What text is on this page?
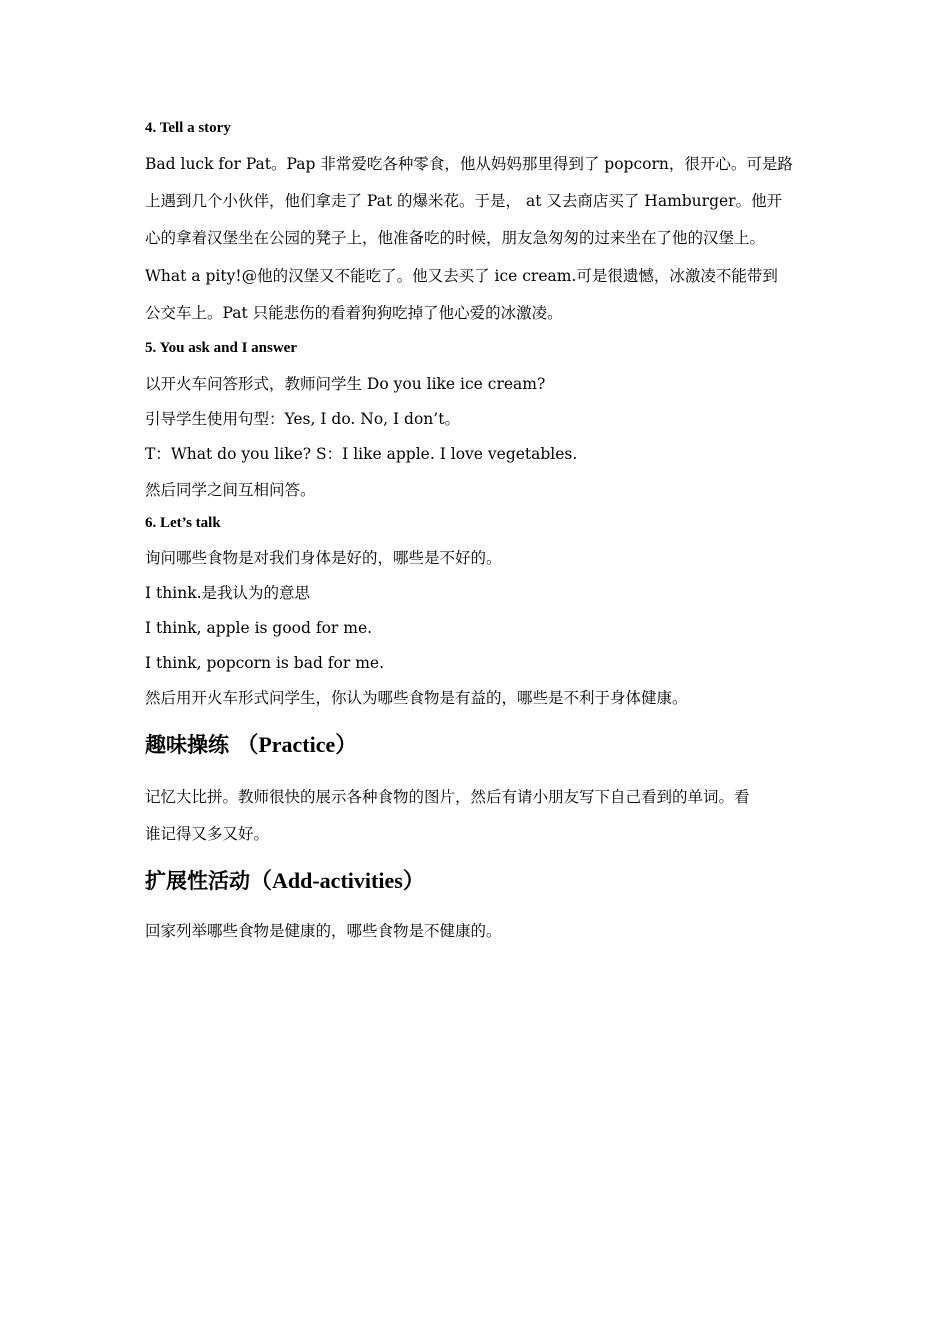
4. Tell a story
Bad luck for Pat。Pap 非常爱吃各种零食，他从妈妈那里得到了 popcorn，很开心。可是路
上遇到几个小伙伴，他们拿走了 Pat 的爆米花。于是， at 又去商店买了 Hamburger。他开
心的拿着汉堡坐在公园的凳子上，他准备吃的时候，朋友急匆匆的过来坐在了他的汉堡上。
What a pity!@他的汉堡又不能吃了。他又去买了 ice cream.可是很遗憾，冰激凌不能带到
公交车上。Pat 只能悲伤的看着狗狗吃掉了他心爱的冰激凌。
5. You ask and I answer
以开火车问答形式，教师问学生 Do you like ice cream?
引导学生使用句型：Yes, I do. No, I don’t。
T：What do you like? S：I like apple. I love vegetables.
然后同学之间互相问答。
6. Let’s talk
询问哪些食物是对我们身体是好的，哪些是不好的。
I think.是我认为的意思
I think, apple is good for me.
I think, popcorn is bad for me.
然后用开火车形式问学生，你认为哪些食物是有益的，哪些是不利于身体健康。
趣味操练 （Practice）
记忆大比拼。教师很快的展示各种食物的图片，然后有请小朋友写下自己看到的单词。看
谁记得又多又好。
扩展性活动（Add-activities）
回家列举哪些食物是健康的，哪些食物是不健康的。
